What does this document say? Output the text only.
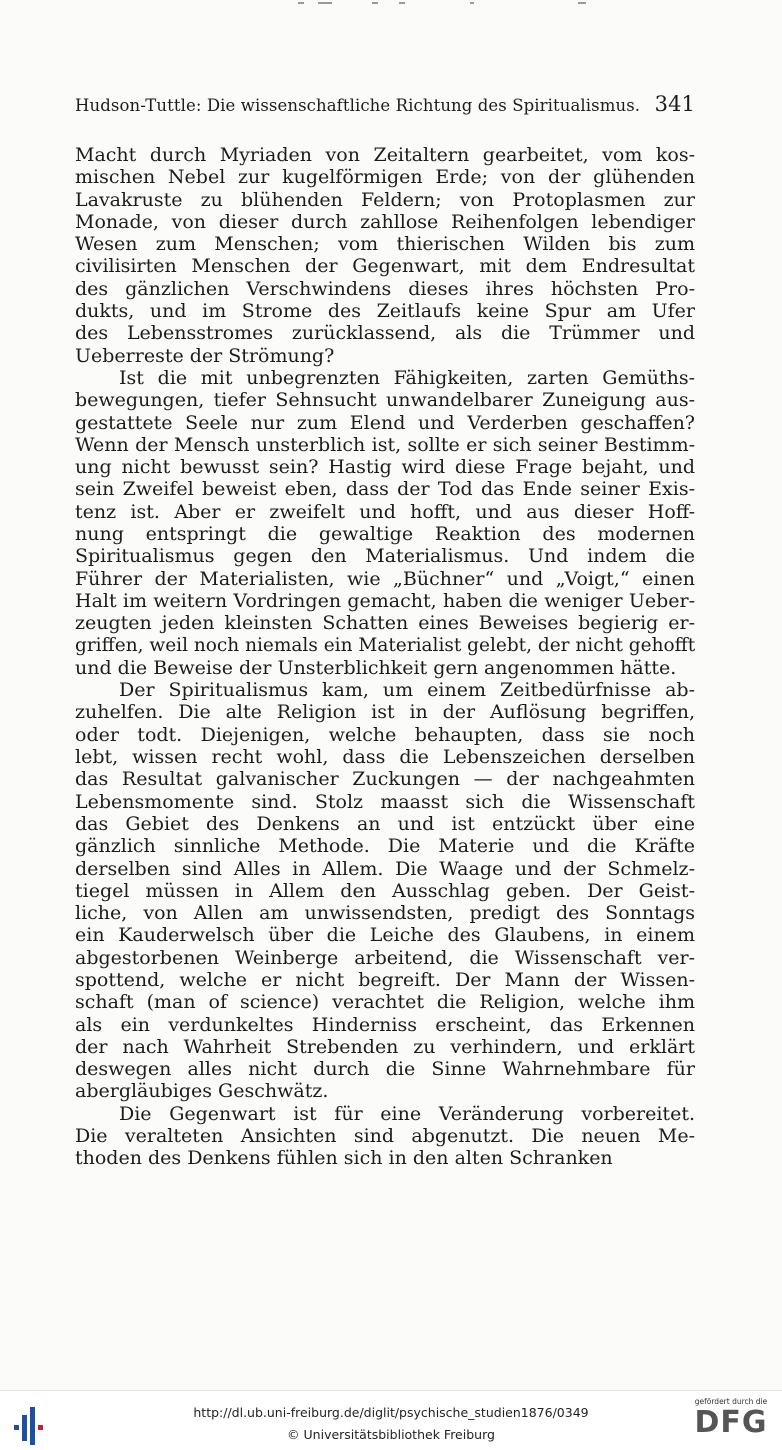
Hudson-Tuttle: Die wissenschaftliche Richtung des Spiritualismus. 341

Macht durch Myriaden von Zeitaltern gearbeitet, vom kos-
mischen Nebel zur kugelförmigen Erde; von der glühenden
Lavakruste zu blühenden Feldern; von Protoplasmen zur
Monade, von dieser durch zahllose Reihenfolgen lebendiger
Wesen zum Menschen; vom thierischen Wilden bis zum
civilisirten Menschen der Gegenwart, mit dem Endresultat
des gänzlichen Verschwindens dieses ihres höchsten Pro-
dukts, und im Strome des Zeitlaufs keine Spur am Ufer
des Lebensstromes zurücklassend, als die Trümmer und
Ueberreste der Strömung?

Ist die mit unbegrenzten Fähigkeiten, zarten Gemüths-
bewegungen, tiefer Sehnsucht unwandelbarer Zuneigung aus-
gestattete Seele nur zum Elend und Verderben geschaffen?
Wenn der Mensch unsterblich ist, sollte er sich seiner Bestimm-
ung nicht bewusst sein? Hastig wird diese Frage bejaht, und
sein Zweifel beweist eben, dass der Tod das Ende seiner Exis-
tenz ist. Aber er zweifelt und hofft, und aus dieser Hoff-
nung entspringt die gewaltige Reaktion des modernen
Spiritualismus gegen den Materialismus. Und indem die
Führer der Materialisten, wie „Büchner“ und „Voigt,“ einen
Halt im weitern Vordringen gemacht, haben die weniger Ueber-
zeugten jeden kleinsten Schatten eines Beweises begierig er-
griffen, weil noch niemals ein Materialist gelebt, der nicht gehofft
und die Beweise der Unsterblichkeit gern angenommen hätte.

Der Spiritualismus kam, um einem Zeitbedürfnisse ab-
zuhelfen. Die alte Religion ist in der Auflösung begriffen,
oder todt. Diejenigen, welche behaupten, dass sie noch
lebt, wissen recht wohl, dass die Lebenszeichen derselben
das Resultat galvanischer Zuckungen — der nachgeahmten
Lebensmomente sind. Stolz maasst sich die Wissenschaft
das Gebiet des Denkens an und ist entzückt über eine
gänzlich sinnliche Methode. Die Materie und die Kräfte
derselben sind Alles in Allem. Die Waage und der Schmelz-
tiegel müssen in Allem den Ausschlag geben. Der Geist-
liche, von Allen am unwissendsten, predigt des Sonntags
ein Kauderwelsch über die Leiche des Glaubens, in einem
abgestorbenen Weinberge arbeitend, die Wissenschaft ver-
spottend, welche er nicht begreift. Der Mann der Wissen-
schaft (man of science) verachtet die Religion, welche ihm
als ein verdunkeltes Hinderniss erscheint, das Erkennen
der nach Wahrheit Strebenden zu verhindern, und erklärt
deswegen alles nicht durch die Sinne Wahrnehmbare für
abergläubiges Geschwätz.

Die Gegenwart ist für eine Veränderung vorbereitet.
Die veralteten Ansichten sind abgenutzt. Die neuen Me-
thoden des Denkens fühlen sich in den alten Schranken

http://dl.ub.uni-freiburg.de/diglit/psychische_studien1876/0349
© Universitätsbibliothek Freiburg
gefördert durch die
DFG
